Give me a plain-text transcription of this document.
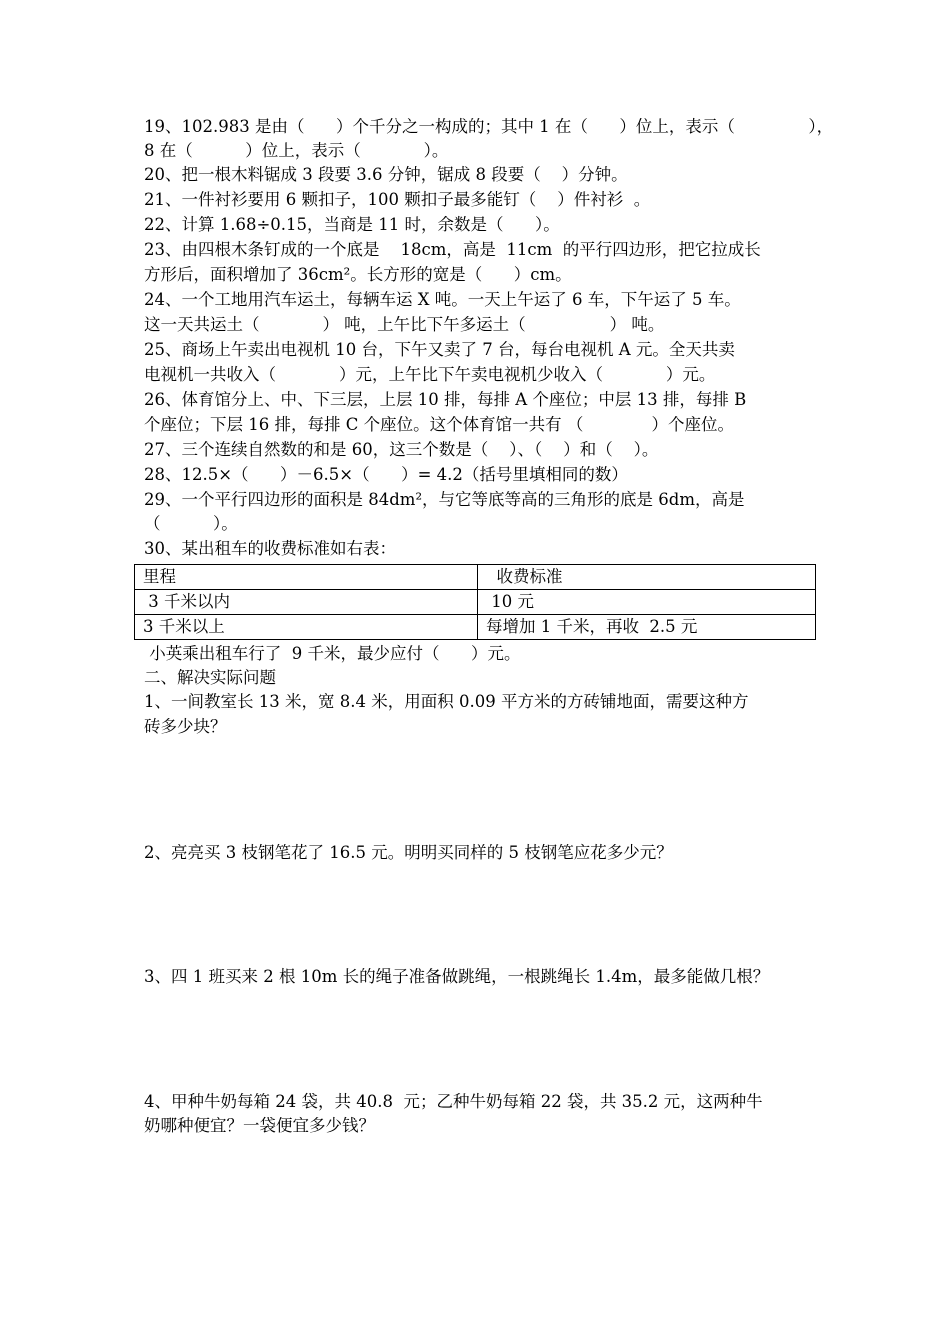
19、102.983 是由（      ）个千分之一构成的；其中 1 在（      ）位上，表示（              ），
8 在（          ）位上，表示（            ）。
20、把一根木料锯成 3 段要 3.6 分钟，锯成 8 段要（    ）分钟。
21、一件衬衫要用 6 颗扣子，100 颗扣子最多能钉（    ）件衬衫  。
22、计算 1.68÷0.15，当商是 11 时，余数是（      ）。
23、由四根木条钉成的一个底是    18cm，高是  11cm  的平行四边形，把它拉成长
方形后，面积增加了 36cm²。长方形的宽是（      ）cm。
24、一个工地用汽车运土，每辆车运 X 吨。一天上午运了 6 车，下午运了 5 车。
这一天共运土（            ） 吨，上午比下午多运土（                ） 吨。
25、商场上午卖出电视机 10 台，下午又卖了 7 台，每台电视机 A 元。全天共卖
电视机一共收入（            ）元，上午比下午卖电视机少收入（            ）元。
26、体育馆分上、中、下三层，上层 10 排，每排 A 个座位；中层 13 排，每排 B
个座位；下层 16 排，每排 C 个座位。这个体育馆一共有 （             ）个座位。
27、三个连续自然数的和是 60，这三个数是（    ）、（    ）和（    ）。
28、12.5×（      ）－6.5×（      ）= 4.2（括号里填相同的数）
29、一个平行四边形的面积是 84dm²，与它等底等高的三角形的底是 6dm，高是
（          ）。
30、某出租车的收费标准如右表：
里程	收费标准
3 千米以内	10 元
3 千米以上	每增加 1 千米，再收  2.5 元
小英乘出租车行了  9 千米，最少应付（      ）元。
二、解决实际问题
1、一间教室长 13 米，宽 8.4 米，用面积 0.09 平方米的方砖铺地面，需要这种方
砖多少块？
2、亮亮买 3 枝钢笔花了 16.5 元。明明买同样的 5 枝钢笔应花多少元？
3、四 1 班买来 2 根 10m 长的绳子准备做跳绳，一根跳绳长 1.4m，最多能做几根？
4、甲种牛奶每箱 24 袋，共 40.8  元；乙种牛奶每箱 22 袋，共 35.2 元，这两种牛
奶哪种便宜？一袋便宜多少钱？
